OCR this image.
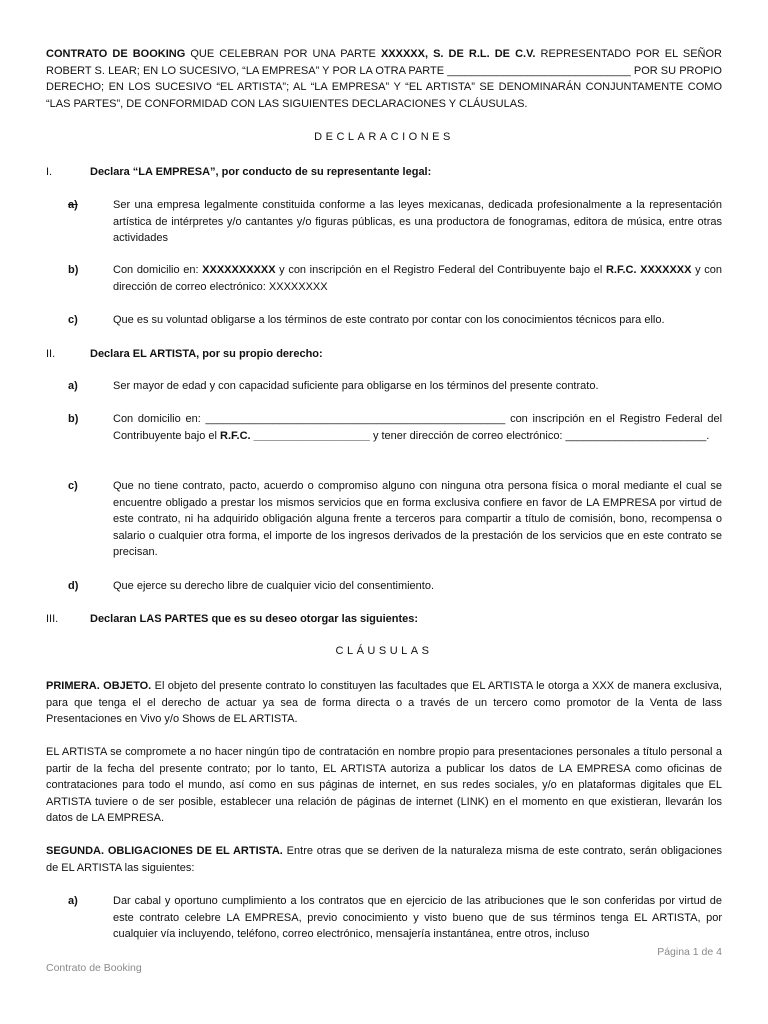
CONTRATO DE BOOKING QUE CELEBRAN POR UNA PARTE XXXXXX, S. DE R.L. DE C.V. REPRESENTADO POR EL SEÑOR ROBERT S. LEAR; EN LO SUCESIVO, “LA EMPRESA” Y POR LA OTRA PARTE ______________________________ POR SU PROPIO DERECHO; EN LOS SUCESIVO “EL ARTISTA”; AL “LA EMPRESA” Y “EL ARTISTA” SE DENOMINARÁN CONJUNTAMENTE COMO “LAS PARTES”, DE CONFORMIDAD CON LAS SIGUIENTES DECLARACIONES Y CLÁUSULAS.

DECLARACIONES
I.	Declara “LA EMPRESA”, por conducto de su representante legal:
a)	Ser una empresa legalmente constituida conforme a las leyes mexicanas, dedicada profesionalmente a la representación artística de intérpretes y/o cantantes y/o figuras públicas, es una productora de fonogramas, editora de música, entre otras actividades
b)	Con domicilio en: XXXXXXXXXX y con inscripción en el Registro Federal del Contribuyente bajo el R.F.C. XXXXXXX y con dirección de correo electrónico: XXXXXXXX
c)	Que es su voluntad obligarse a los términos de este contrato por contar con los conocimientos técnicos para ello.
II.	Declara EL ARTISTA, por su propio derecho:
a)	Ser mayor de edad y con capacidad suficiente para obligarse en los términos del presente contrato.
b)	Con domicilio en: _________________________________________________ con inscripción en el Registro Federal del Contribuyente bajo el R.F.C. ___________________ y tener dirección de correo electrónico: _______________________.
c)	Que no tiene contrato, pacto, acuerdo o compromiso alguno con ninguna otra persona física o moral mediante el cual se encuentre obligado a prestar los mismos servicios que en forma exclusiva confiere en favor de LA EMPRESA por virtud de este contrato, ni ha adquirido obligación alguna frente a terceros para compartir a título de comisión, bono, recompensa o salario o cualquier otra forma, el importe de los ingresos derivados de la prestación de los servicios que en este contrato se precisan.
d)	Que ejerce su derecho libre de cualquier vicio del consentimiento.
III.	Declaran LAS PARTES que es su deseo otorgar las siguientes:
CLÁUSULAS

PRIMERA. OBJETO. El objeto del presente contrato lo constituyen las facultades que EL ARTISTA le otorga a XXX de manera exclusiva, para que tenga el el derecho de actuar ya sea de forma directa o a través de un tercero como promotor de la Venta de lass Presentaciones en Vivo y/o Shows de EL ARTISTA.

EL ARTISTA se compromete a no hacer ningún tipo de contratación en nombre propio para presentaciones personales a título personal a partir de la fecha del presente contrato; por lo tanto, EL ARTISTA autoriza a publicar los datos de LA EMPRESA como oficinas de contrataciones para todo el mundo, así como en sus páginas de internet, en sus redes sociales, y/o en plataformas digitales que EL ARTISTA tuviere o de ser posible, establecer una relación de páginas de internet (LINK) en el momento en que existieran, llevarán los datos de LA EMPRESA.

SEGUNDA. OBLIGACIONES DE EL ARTISTA. Entre otras que se deriven de la naturaleza misma de este contrato, serán obligaciones de EL ARTISTA las siguientes:

a)	Dar cabal y oportuno cumplimiento a los contratos que en ejercicio de las atribuciones que le son conferidas por virtud de este contrato celebre LA EMPRESA, previo conocimiento y visto bueno que de sus términos tenga EL ARTISTA, por cualquier vía incluyendo, teléfono, correo electrónico, mensajería instantánea, entre otros, incluso
Página 1 de 4
Contrato de Booking
